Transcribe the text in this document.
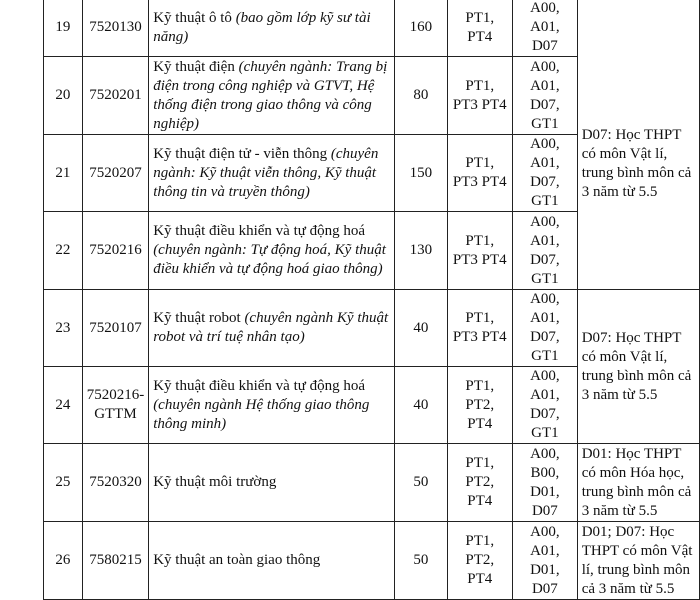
19	7520130	Kỹ thuật ô tô (bao gồm lớp kỹ sư tài năng)	160	PT1, PT4	A00, A01, D07	D07: Học THPT có môn Vật lí, trung bình môn cả 3 năm từ 5.5
20	7520201	Kỹ thuật điện (chuyên ngành: Trang bị điện trong công nghiệp và GTVT, Hệ thống điện trong giao thông và công nghiệp)	80	PT1, PT3 PT4	A00, A01, D07, GT1	
21	7520207	Kỹ thuật điện tử - viễn thông (chuyên ngành: Kỹ thuật viễn thông, Kỹ thuật thông tin và truyền thông)	150	PT1, PT3 PT4	A00, A01, D07, GT1	
22	7520216	Kỹ thuật điều khiển và tự động hoá (chuyên ngành: Tự động hoá, Kỹ thuật điều khiển và tự động hoá giao thông)	130	PT1, PT3 PT4	A00, A01, D07, GT1	
23	7520107	Kỹ thuật robot (chuyên ngành Kỹ thuật robot và trí tuệ nhân tạo)	40	PT1, PT3 PT4	A00, A01, D07, GT1	D07: Học THPT có môn Vật lí, trung bình môn cả 3 năm từ 5.5
24	7520216-GTTM	Kỹ thuật điều khiển và tự động hoá (chuyên ngành Hệ thống giao thông thông minh)	40	PT1, PT2, PT4	A00, A01, D07, GT1	
25	7520320	Kỹ thuật môi trường	50	PT1, PT2, PT4	A00, B00, D01, D07	D01: Học THPT có môn Hóa học, trung bình môn cả 3 năm từ 5.5
26	7580215	Kỹ thuật an toàn giao thông	50	PT1, PT2, PT4	A00, A01, D01, D07	D01; D07: Học THPT có môn Vật lí, trung bình môn cả 3 năm từ 5.5
